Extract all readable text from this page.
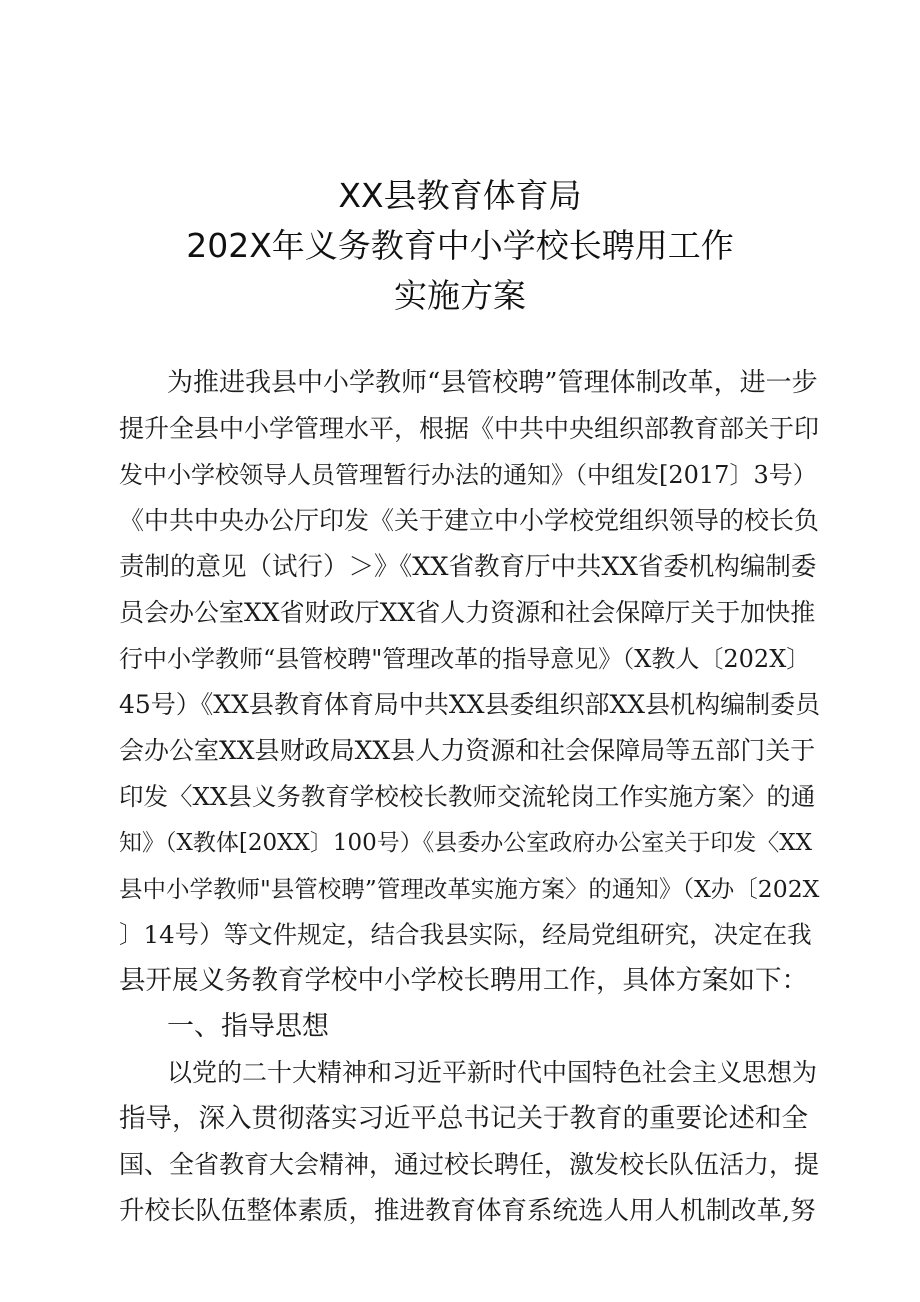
XX县教育体育局
202X年义务教育中小学校长聘用工作
实施方案
为推进我县中小学教师“县管校聘”管理体制改革，进一步
提升全县中小学管理水平，根据《中共中央组织部教育部关于印
发中小学校领导人员管理暂行办法的通知》（中组发[2017〕3号）
《中共中央办公厅印发《关于建立中小学校党组织领导的校长负
责制的意见（试行）＞》《XX省教育厅中共XX省委机构编制委
员会办公室XX省财政厅XX省人力资源和社会保障厅关于加快推
行中小学教师“县管校聘"管理改革的指导意见》（X教人〔202X〕
45号）《XX县教育体育局中共XX县委组织部XX县机构编制委员
会办公室XX县财政局XX县人力资源和社会保障局等五部门关于
印发〈XX县义务教育学校校长教师交流轮岗工作实施方案〉的通
知》（X教体[20XX〕100号）《县委办公室政府办公室关于印发〈XX
县中小学教师"县管校聘”管理改革实施方案〉的通知》（X办〔202X
〕14号）等文件规定，结合我县实际，经局党组研究，决定在我
县开展义务教育学校中小学校长聘用工作，具体方案如下：
一、指导思想
以党的二十大精神和习近平新时代中国特色社会主义思想为
指导，深入贯彻落实习近平总书记关于教育的重要论述和全
国、全省教育大会精神，通过校长聘任，激发校长队伍活力，提
升校长队伍整体素质，推进教育体育系统选人用人机制改革,努
